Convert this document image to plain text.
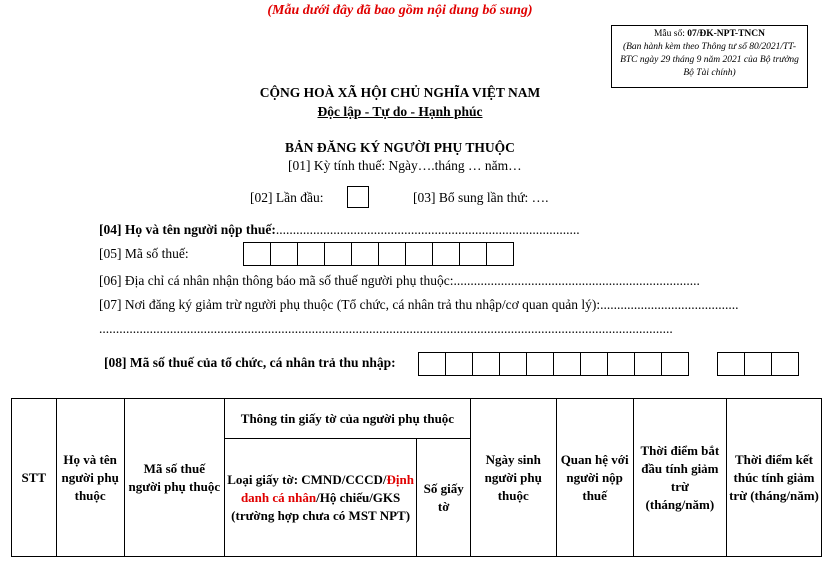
(Mẫu dưới đây đã bao gồm nội dung bổ sung)
Mẫu số: 07/ĐK-NPT-TNCN
(Ban hành kèm theo Thông tư số 80/2021/TT-BTC ngày 29 tháng 9 năm 2021 của Bộ trưởng Bộ Tài chính)
CỘNG HOÀ XÃ HỘI CHỦ NGHĨA VIỆT NAM
Độc lập - Tự do - Hạnh phúc
BẢN ĐĂNG KÝ NGƯỜI PHỤ THUỘC
[01] Kỳ tính thuế: Ngày….tháng … năm…
[02] Lần đầu:	[03] Bổ sung lần thứ: ….
[04] Họ và tên người nộp thuế:..........................................................................................
[05] Mã số thuế:
[06] Địa chỉ cá nhân nhận thông báo mã số thuế người phụ thuộc:.........................................................................
[07] Nơi đăng ký giảm trừ người phụ thuộc (Tổ chức, cá nhân trả thu nhập/cơ quan quản lý):.........................................
..........................................................................................................................................................................
[08] Mã số thuế của tổ chức, cá nhân trả thu nhập:
STT	Họ và tên người phụ thuộc	Mã số thuế người phụ thuộc	Thông tin giấy tờ của người phụ thuộc		Ngày sinh người phụ thuộc	Quan hệ với người nộp thuế	Thời điểm bắt đầu tính giảm trừ (tháng/năm)	Thời điểm kết thúc tính giảm trừ (tháng/năm)
			Loại giấy tờ: CMND/CCCD/Định danh cá nhân/Hộ chiếu/GKS (trường hợp chưa có MST NPT)	Số giấy tờ				
